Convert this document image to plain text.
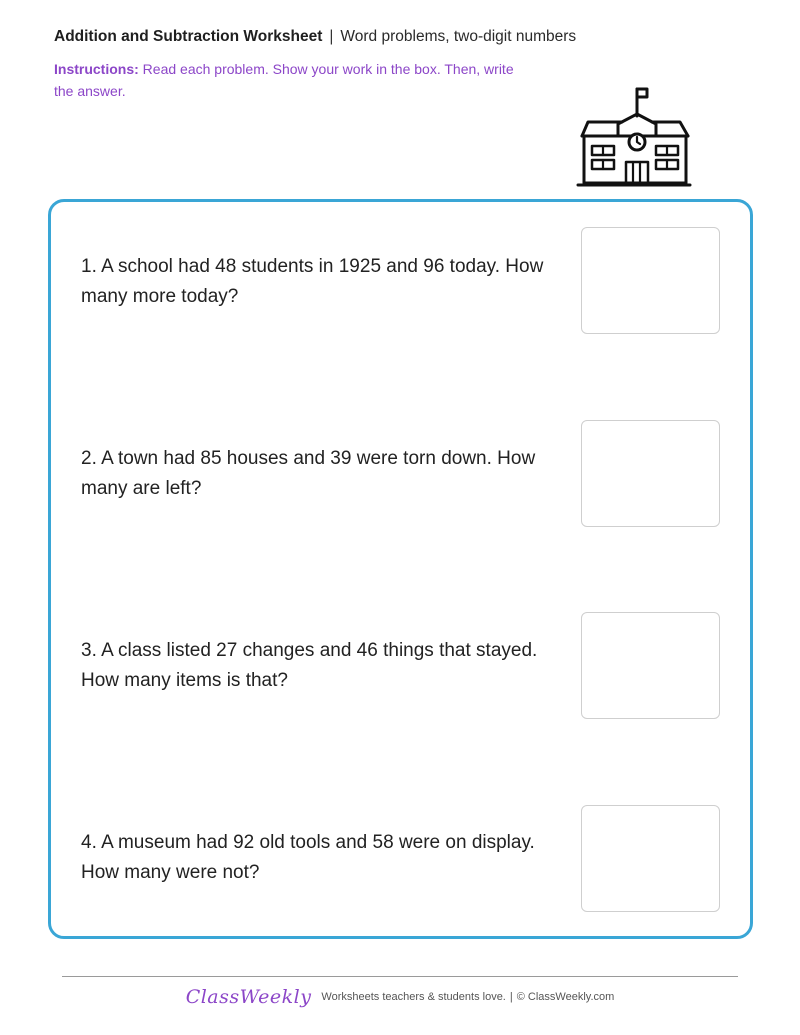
Addition and Subtraction Worksheet | Word problems, two-digit numbers
Instructions: Read each problem. Show your work in the box. Then, write the answer.
1. A school had 48 students in 1925 and 96 today. How many more today?
2. A town had 85 houses and 39 were torn down. How many are left?
3. A class listed 27 changes and 46 things that stayed. How many items is that?
4. A museum had 92 old tools and 58 were on display. How many were not?
ClassWeekly Worksheets teachers & students love. | © ClassWeekly.com
